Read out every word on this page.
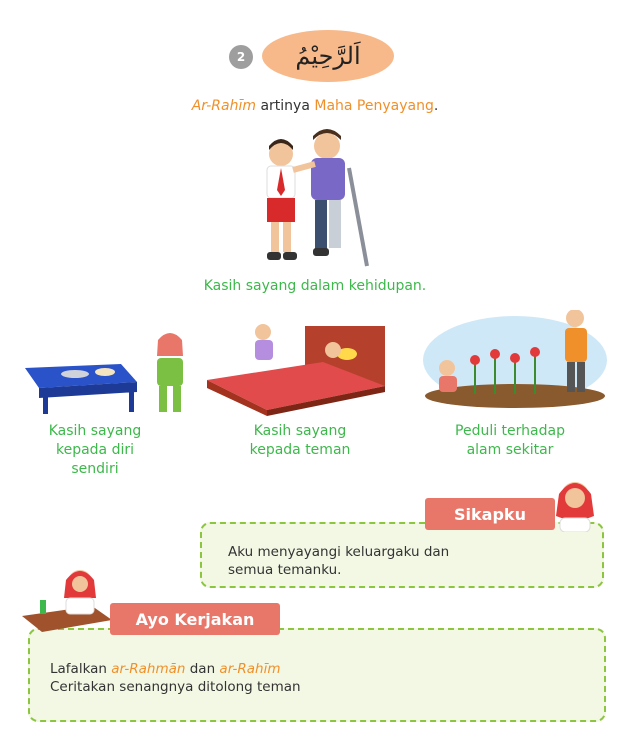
2	اَلرَّحِيْمُ
Ar-Rahīm artinya Maha Penyayang.
Kasih sayang dalam kehidupan.
Kasih sayang
kepada diri
sendiri
Kasih sayang
kepada teman
Peduli terhadap
alam sekitar
Sikapku
Aku menyayangi keluargaku dan
semua temanku.
Ayo Kerjakan
Lafalkan ar-Rahmān dan ar-Rahīm
Ceritakan senangnya ditolong teman
